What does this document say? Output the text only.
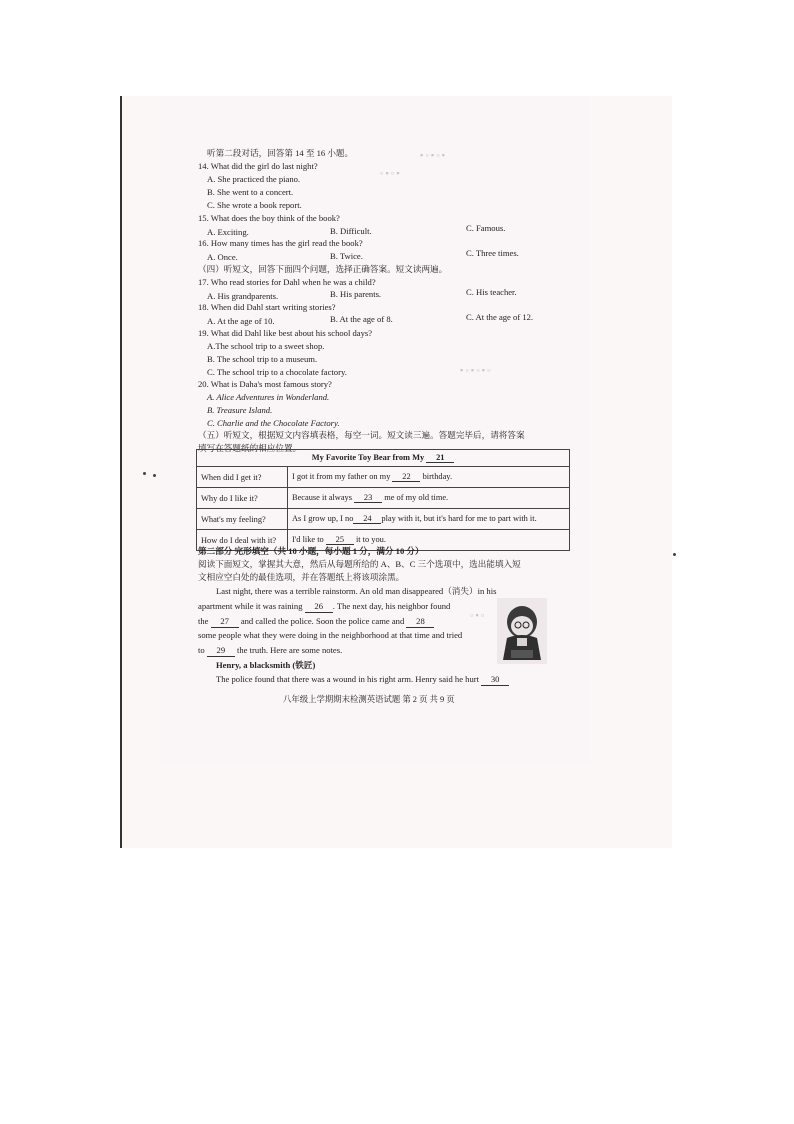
▪ ▫ ▪ ▫ ▪
▫ ▪ ▫ ▪
▪ ▫ ▪ ▫ ▪ ▫
▫ ▪ ▫
听第二段对话，回答第 14 至 16 小题。
14. What did the girl do last night?
A. She practiced the piano.
B. She went to a concert.
C. She wrote a book report.
15. What does the boy think of the book?
A. Exciting.	B. Difficult.	C. Famous.
16. How many times has the girl read the book?
A. Once.	B. Twice.	C. Three times.
（四）听短文，回答下面四个问题，选择正确答案。短文读两遍。
17. Who read stories for Dahl when he was a child?
A. His grandparents.	B. His parents.	C. His teacher.
18. When did Dahl start writing stories?
A. At the age of 10.	B. At the age of 8.	C. At the age of 12.
19. What did Dahl like best about his school days?
A.The school trip to a sweet shop.
B. The school trip to a museum.
C. The school trip to a chocolate factory.
20. What is Daha's most famous story?
A. Alice Adventures in Wonderland.
B. Treasure Island.
C. Charlie and the Chocolate Factory.
（五）听短文，根据短文内容填表格，每空一词。短文读三遍。答题完毕后，请将答案
填写在答题纸的相应位置。
My Favorite Toy Bear from My 21	
When did I get it?	I got it from my father on my 22 birthday.
Why do I like it?	Because it always 23 me of my old time.
What's my feeling?	As I grow up, I no 24 play with it, but it's hard for me to part with it.
How do I deal with it?	I'd like to 25 it to you.
第二部分 完形填空（共 10 小题，每小题 1 分，满分 10 分）
阅读下面短文，掌握其大意，然后从每题所给的 A、B、C 三个选项中，选出能填入短
文相应空白处的最佳选项，并在答题纸上将该项涂黑。
Last night, there was a terrible rainstorm. An old man disappeared（消失）in his
apartment while it was raining 26 . The next day, his neighbor found
the 27 and called the police. Soon the police came and 28
some people what they were doing in the neighborhood at that time and tried
to 29 the truth. Here are some notes.
Henry, a blacksmith (铁匠)
The police found that there was a wound in his right arm. Henry said he hurt 30
八年级上学期期末检测英语试题 第 2 页 共 9 页
